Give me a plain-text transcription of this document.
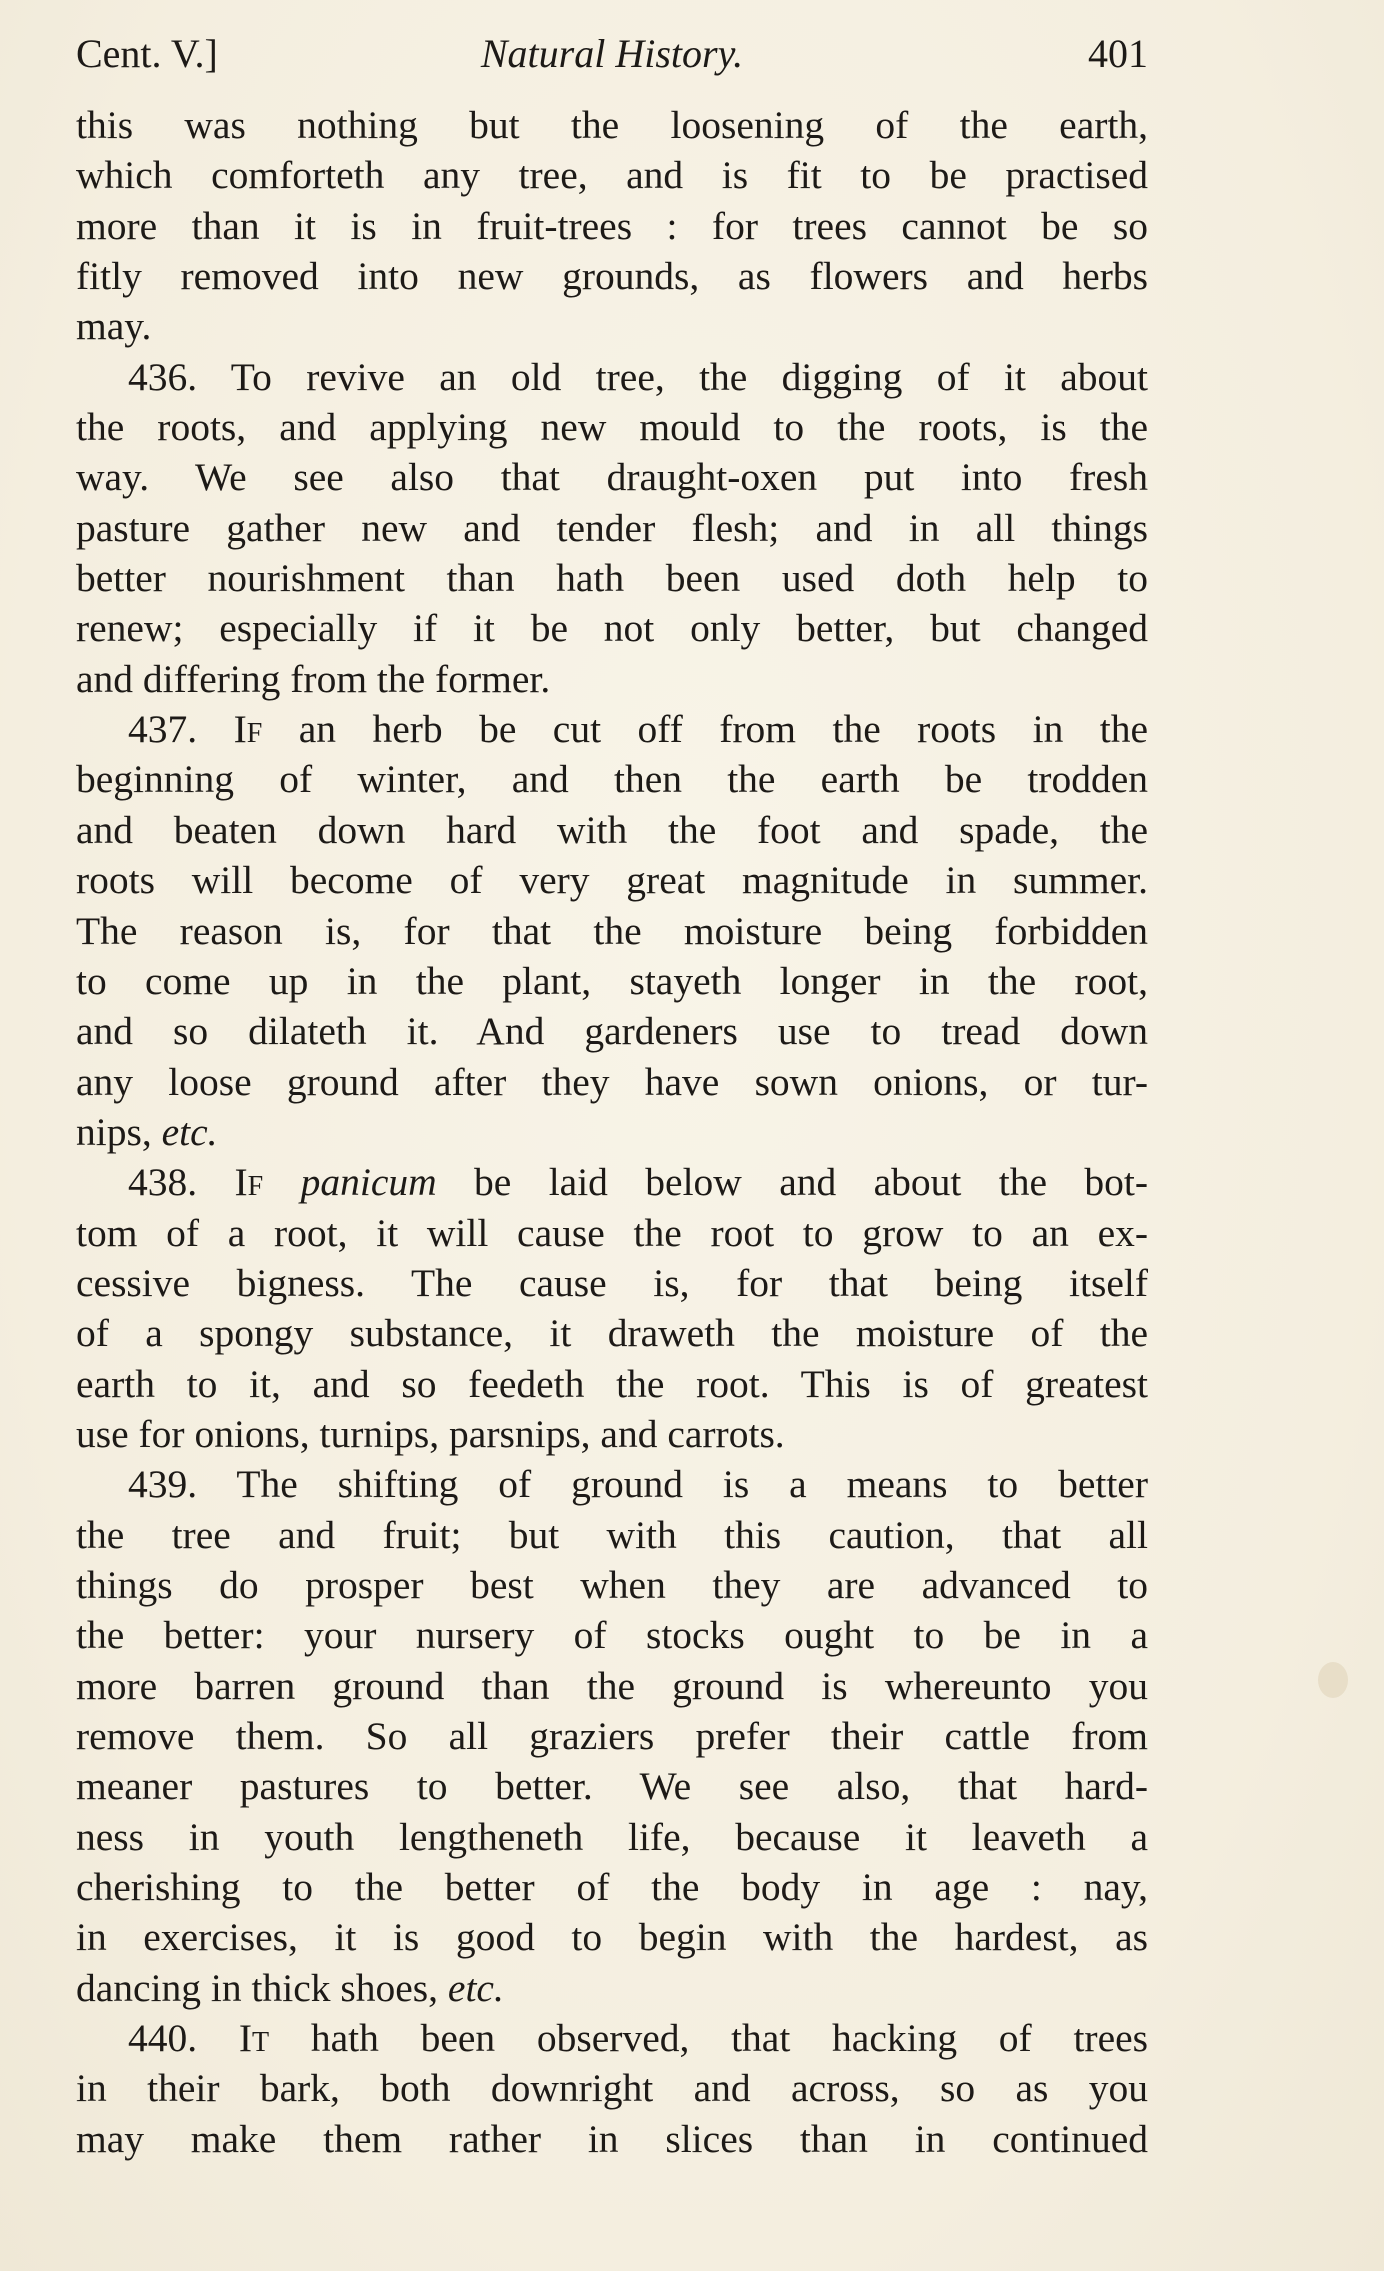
Cent. V.]	Natural History.	401
this was nothing but the loosening of the earth,
which comforteth any tree, and is fit to be practised
more than it is in fruit-trees : for trees cannot be so
fitly removed into new grounds, as flowers and herbs
may.
436. To revive an old tree, the digging of it about
the roots, and applying new mould to the roots, is the
way. We see also that draught-oxen put into fresh
pasture gather new and tender flesh; and in all things
better nourishment than hath been used doth help to
renew; especially if it be not only better, but changed
and differing from the former.
437. If an herb be cut off from the roots in the
beginning of winter, and then the earth be trodden
and beaten down hard with the foot and spade, the
roots will become of very great magnitude in summer.
The reason is, for that the moisture being forbidden
to come up in the plant, stayeth longer in the root,
and so dilateth it. And gardeners use to tread down
any loose ground after they have sown onions, or tur-
nips, etc.
438. If panicum be laid below and about the bot-
tom of a root, it will cause the root to grow to an ex-
cessive bigness. The cause is, for that being itself
of a spongy substance, it draweth the moisture of the
earth to it, and so feedeth the root. This is of greatest
use for onions, turnips, parsnips, and carrots.
439. The shifting of ground is a means to better
the tree and fruit; but with this caution, that all
things do prosper best when they are advanced to
the better: your nursery of stocks ought to be in a
more barren ground than the ground is whereunto you
remove them. So all graziers prefer their cattle from
meaner pastures to better. We see also, that hard-
ness in youth lengtheneth life, because it leaveth a
cherishing to the better of the body in age : nay,
in exercises, it is good to begin with the hardest, as
dancing in thick shoes, etc.
440. It hath been observed, that hacking of trees
in their bark, both downright and across, so as you
may make them rather in slices than in continued
